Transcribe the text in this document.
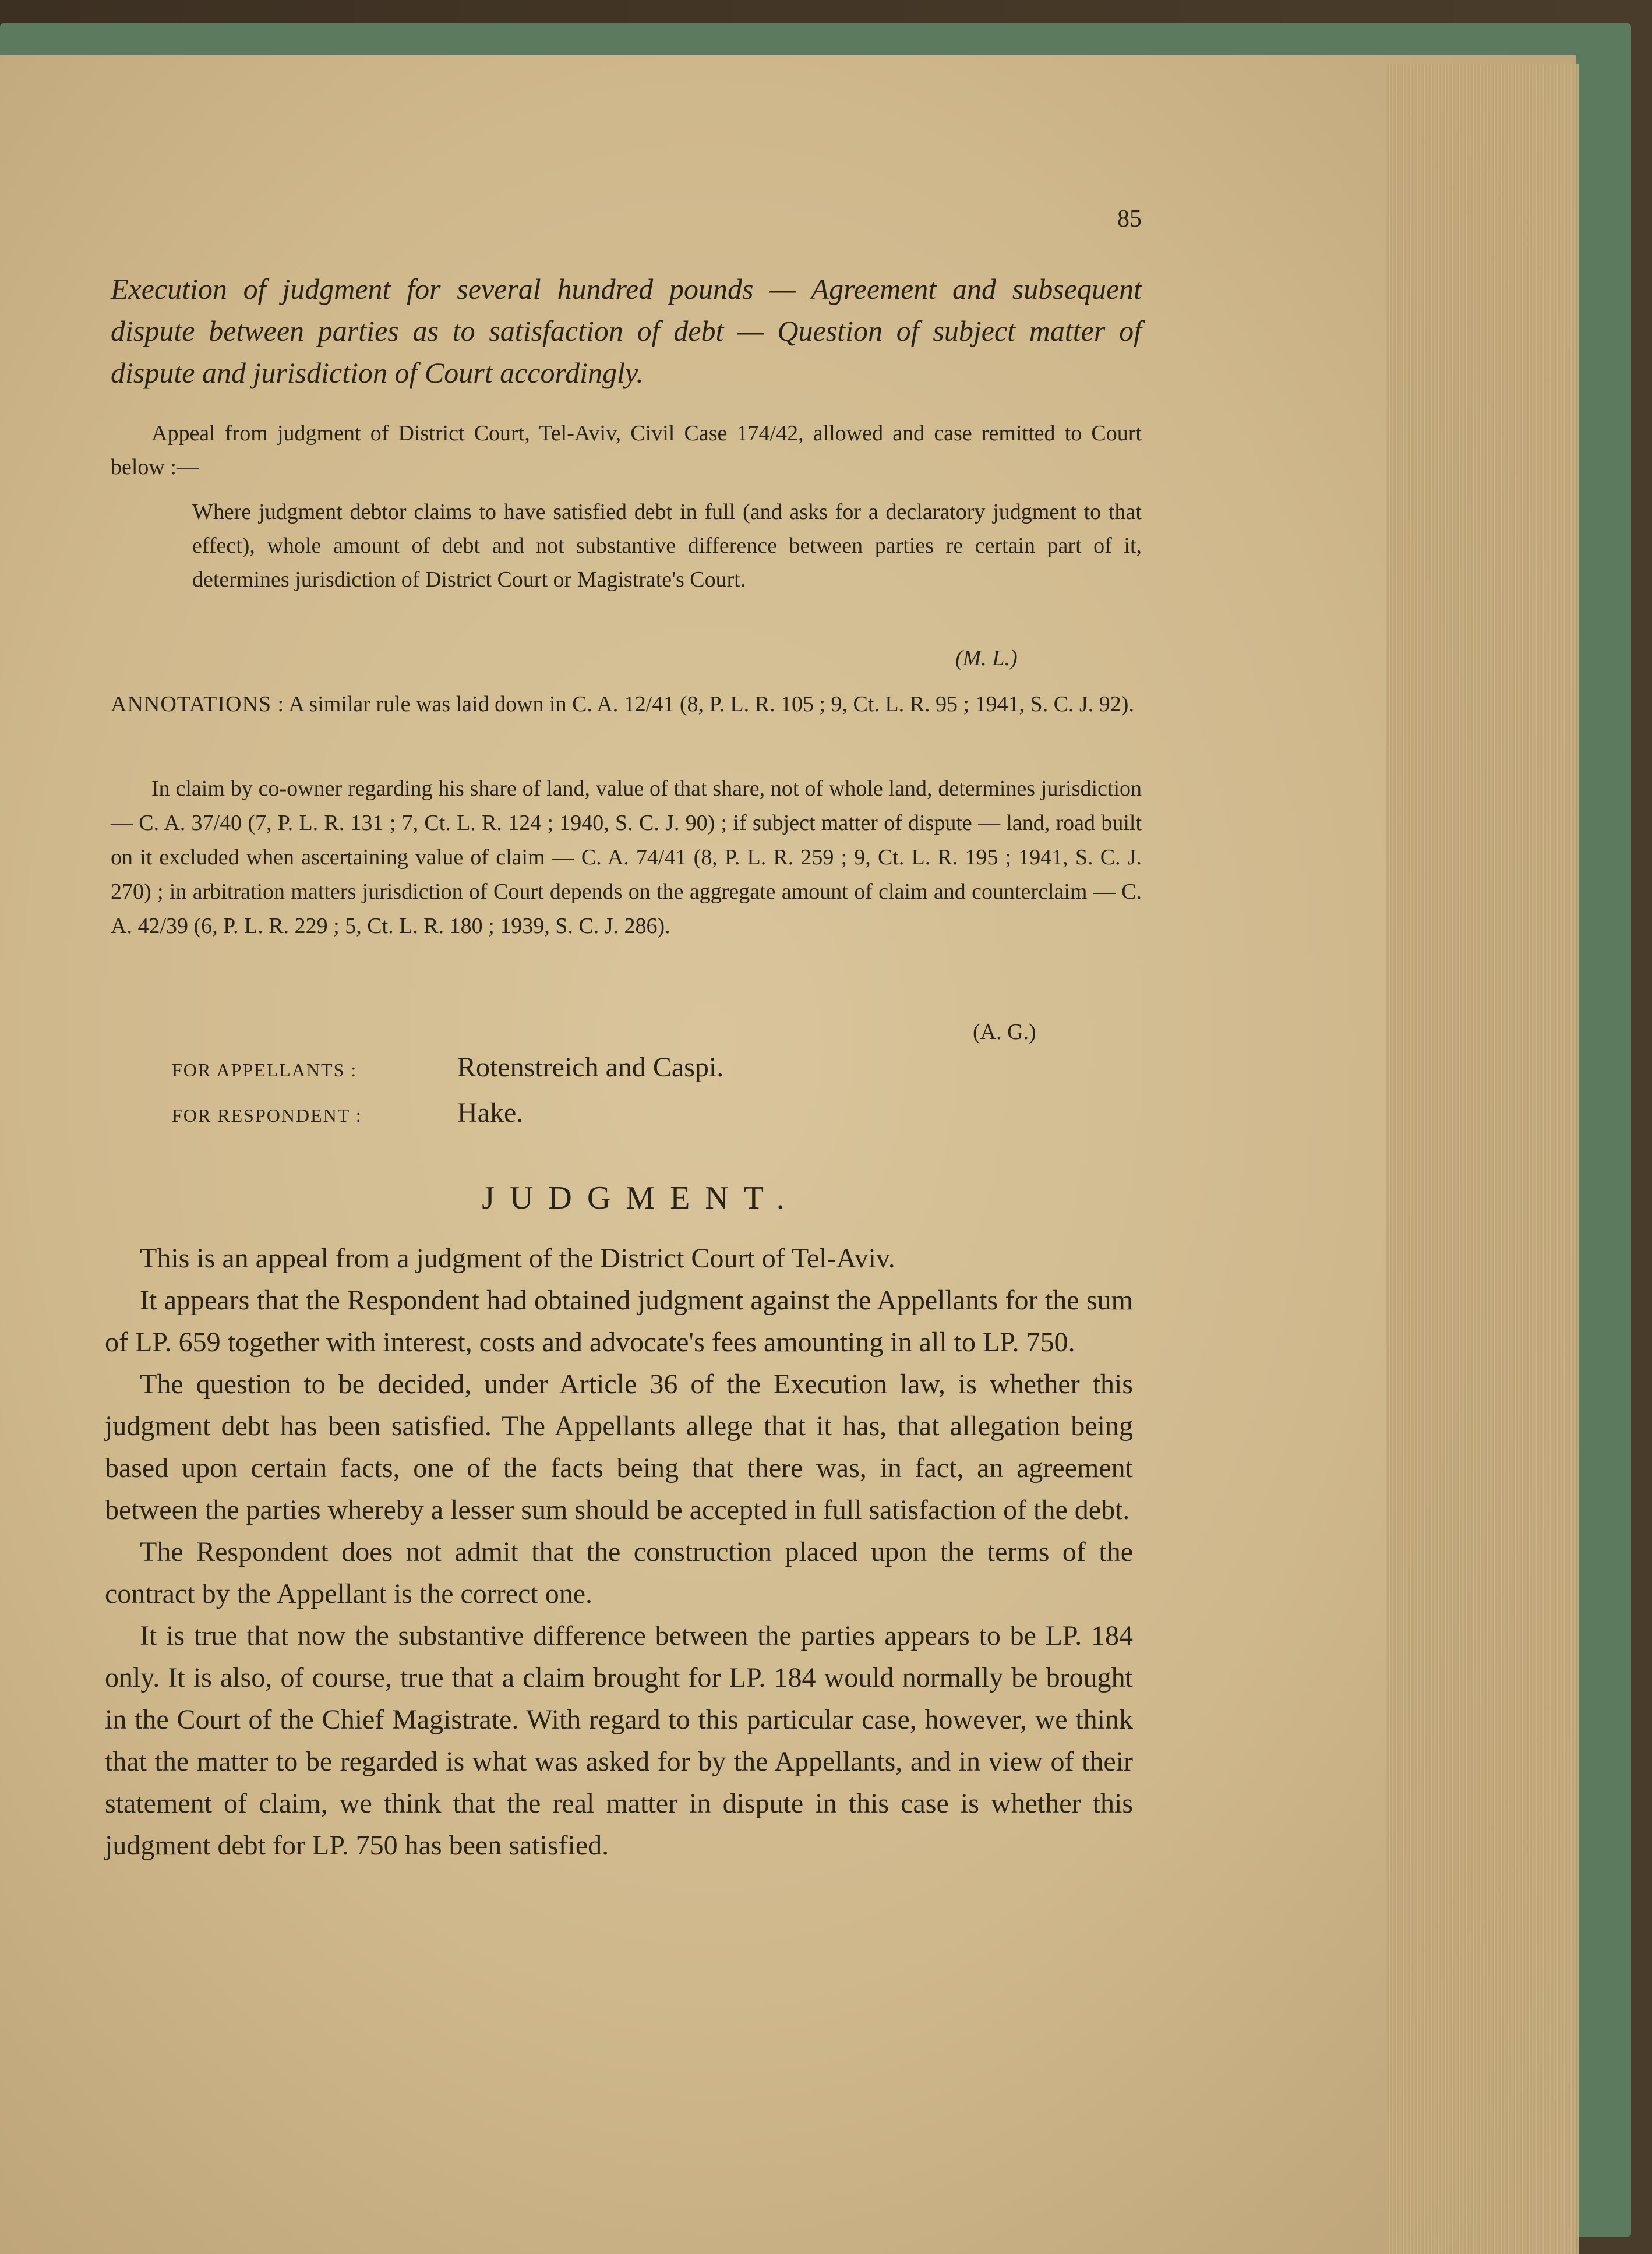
85
Execution of judgment for several hundred pounds — Agreement and subsequent dispute between parties as to satisfaction of debt — Question of subject matter of dispute and jurisdiction of Court accordingly.
Appeal from judgment of District Court, Tel-Aviv, Civil Case 174/42, allowed and case remitted to Court below :—
Where judgment debtor claims to have satisfied debt in full (and asks for a declaratory judgment to that effect), whole amount of debt and not substantive difference between parties re certain part of it, determines jurisdiction of District Court or Magistrate's Court.
(M. L.)
ANNOTATIONS : A similar rule was laid down in C. A. 12/41 (8, P. L. R. 105 ; 9, Ct. L. R. 95 ; 1941, S. C. J. 92).
In claim by co-owner regarding his share of land, value of that share, not of whole land, determines jurisdiction — C. A. 37/40 (7, P. L. R. 131 ; 7, Ct. L. R. 124 ; 1940, S. C. J. 90) ; if subject matter of dispute — land, road built on it excluded when ascertaining value of claim — C. A. 74/41 (8, P. L. R. 259 ; 9, Ct. L. R. 195 ; 1941, S. C. J. 270) ; in arbitration matters jurisdiction of Court depends on the aggregate amount of claim and counterclaim — C. A. 42/39 (6, P. L. R. 229 ; 5, Ct. L. R. 180 ; 1939, S. C. J. 286).
(A. G.)
FOR APPELLANTS :	Rotenstreich and Caspi.
FOR RESPONDENT :	Hake.
JUDGMENT.

This is an appeal from a judgment of the District Court of Tel-Aviv.

It appears that the Respondent had obtained judgment against the Appellants for the sum of LP. 659 together with interest, costs and advocate's fees amounting in all to LP. 750.

The question to be decided, under Article 36 of the Execution law, is whether this judgment debt has been satisfied. The Appellants allege that it has, that allegation being based upon certain facts, one of the facts being that there was, in fact, an agreement between the parties whereby a lesser sum should be accepted in full satisfaction of the debt.

The Respondent does not admit that the construction placed upon the terms of the contract by the Appellant is the correct one.

It is true that now the substantive difference between the parties appears to be LP. 184 only. It is also, of course, true that a claim brought for LP. 184 would normally be brought in the Court of the Chief Magistrate. With regard to this particular case, however, we think that the matter to be regarded is what was asked for by the Appellants, and in view of their statement of claim, we think that the real matter in dispute in this case is whether this judgment debt for LP. 750 has been satisfied.
